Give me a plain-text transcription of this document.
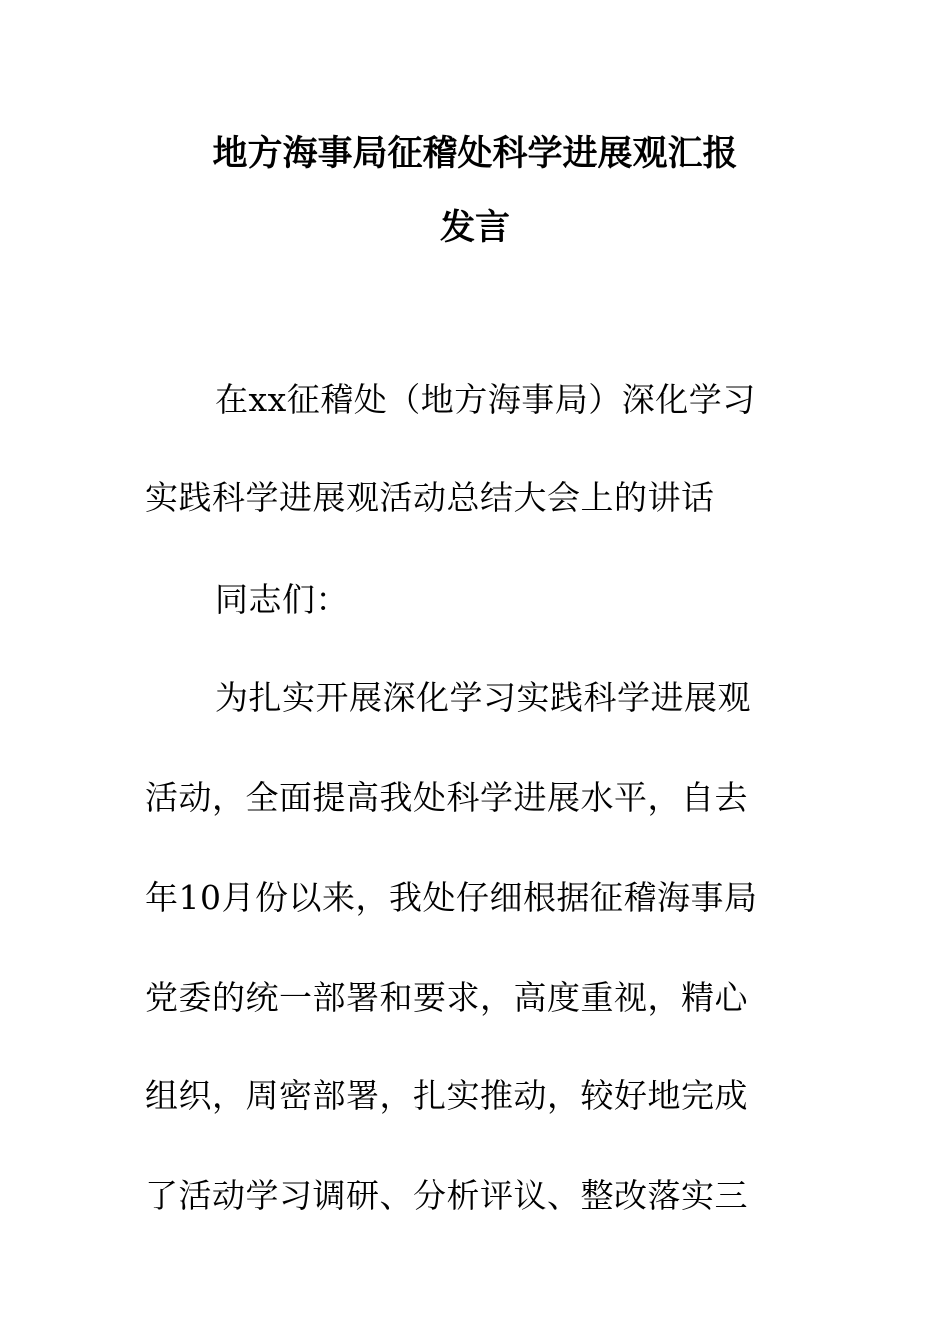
地方海事局征稽处科学进展观汇报
发言
在xx征稽处（地方海事局）深化学习
实践科学进展观活动总结大会上的讲话
同志们：
为扎实开展深化学习实践科学进展观
活动，全面提高我处科学进展水平，自去
年10月份以来，我处仔细根据征稽海事局
党委的统一部署和要求，高度重视，精心
组织，周密部署，扎实推动，较好地完成
了活动学习调研、分析评议、整改落实三
